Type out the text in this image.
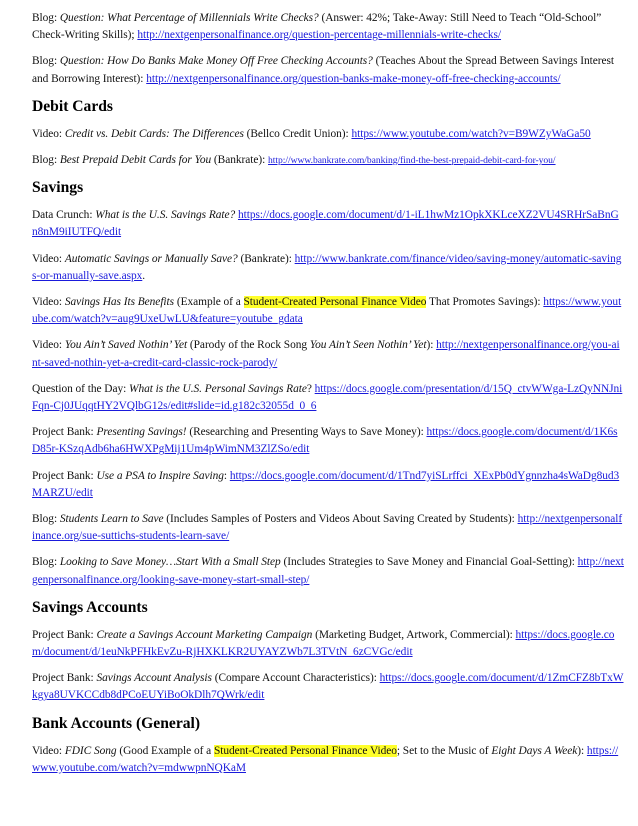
Blog: Question: What Percentage of Millennials Write Checks? (Answer: 42%; Take-Away: Still Need to Teach “Old-School” Check-Writing Skills); http://nextgenpersonalfinance.org/question-percentage-millennials-write-checks/

Blog: Question: How Do Banks Make Money Off Free Checking Accounts? (Teaches About the Spread Between Savings Interest and Borrowing Interest): http://nextgenpersonalfinance.org/question-banks-make-money-off-free-checking-accounts/

Debit Cards

Video: Credit vs. Debit Cards: The Differences (Bellco Credit Union): https://www.youtube.com/watch?v=B9WZyWaGa50

Blog: Best Prepaid Debit Cards for You (Bankrate): http://www.bankrate.com/banking/find-the-best-prepaid-debit-card-for-you/

Savings

Data Crunch: What is the U.S. Savings Rate? https://docs.google.com/document/d/1-iL1hwMz1OpkXKLceXZ2VU4SRHrSaBnGn8nM9iIUTFQ/edit

Video: Automatic Savings or Manually Save? (Bankrate): http://www.bankrate.com/finance/video/saving-money/automatic-savings-or-manually-save.aspx.

Video: Savings Has Its Benefits (Example of a Student-Created Personal Finance Video That Promotes Savings): https://www.youtube.com/watch?v=aug9UxeUwLU&feature=youtube_gdata

Video: You Ain’t Saved Nothin’ Yet (Parody of the Rock Song You Ain’t Seen Nothin’ Yet): http://nextgenpersonalfinance.org/you-aint-saved-nothin-yet-a-credit-card-classic-rock-parody/

Question of the Day: What is the U.S. Personal Savings Rate? https://docs.google.com/presentation/d/15Q_ctvWWga-LzQyNNJniFqn-Cj0JUqqtHY2VQlbG12s/edit#slide=id.g182c32055d_0_6

Project Bank: Presenting Savings! (Researching and Presenting Ways to Save Money): https://docs.google.com/document/d/1K6sD85r-KSzqAdb6ha6HWXPgMij1Um4pWimNM3ZlZSo/edit

Project Bank: Use a PSA to Inspire Saving: https://docs.google.com/document/d/1Tnd7yiSLrffci_XExPb0dYgnnzha4sWaDg8ud3MARZU/edit

Blog: Students Learn to Save (Includes Samples of Posters and Videos About Saving Created by Students): http://nextgenpersonalfinance.org/sue-suttichs-students-learn-save/

Blog: Looking to Save Money…Start With a Small Step (Includes Strategies to Save Money and Financial Goal-Setting): http://nextgenpersonalfinance.org/looking-save-money-start-small-step/

Savings Accounts

Project Bank: Create a Savings Account Marketing Campaign (Marketing Budget, Artwork, Commercial): https://docs.google.com/document/d/1euNkPFHkEvZu-RjHXKLKR2UYAYZWb7L3TVtN_6zCVGc/edit

Project Bank: Savings Account Analysis (Compare Account Characteristics): https://docs.google.com/document/d/1ZmCFZ8bTxWkgya8UVKCCdb8dPCoEUYiBoOkDlh7QWrk/edit

Bank Accounts (General)

Video: FDIC Song (Good Example of a Student-Created Personal Finance Video; Set to the Music of Eight Days A Week): https://www.youtube.com/watch?v=mdwwpnNQKaM
